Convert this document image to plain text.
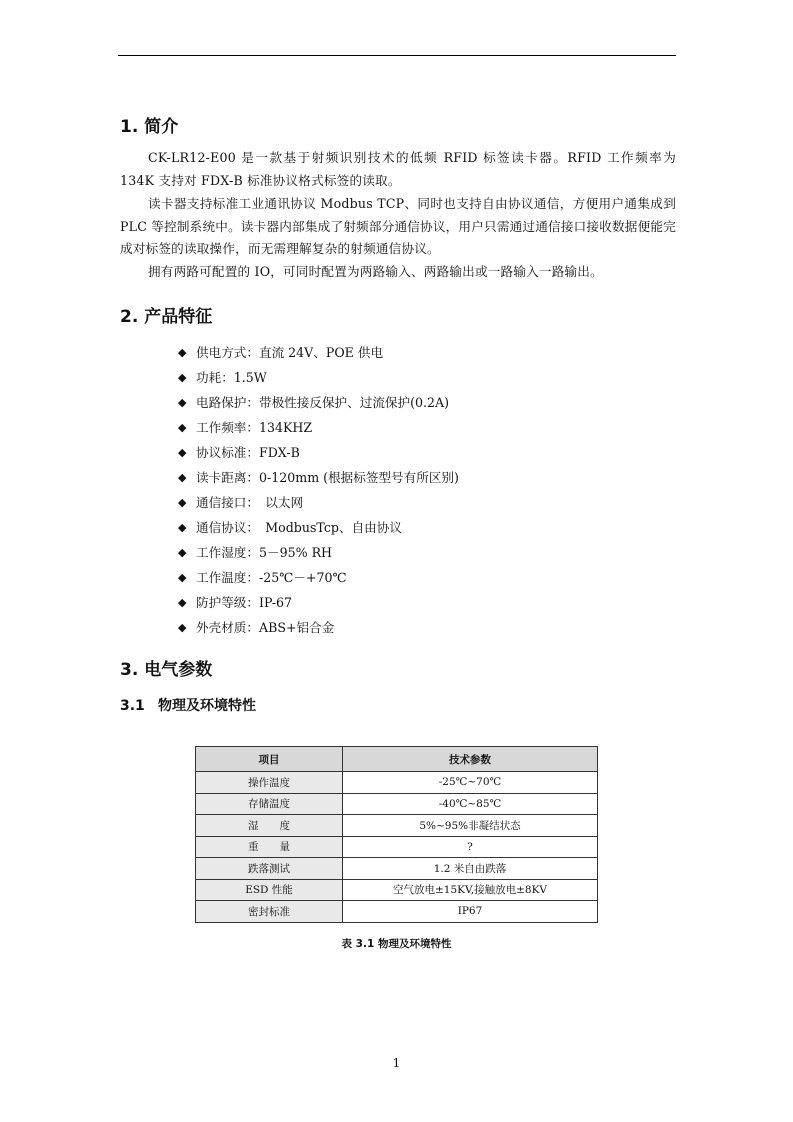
1. 简介

CK-LR12-E00 是一款基于射频识别技术的低频 RFID 标签读卡器。RFID 工作频率为 134K 支持对 FDX-B 标准协议格式标签的读取。

读卡器支持标准工业通讯协议 Modbus TCP、同时也支持自由协议通信，方便用户通集成到 PLC 等控制系统中。读卡器内部集成了射频部分通信协议，用户只需通过通信接口接收数据便能完成对标签的读取操作，而无需理解复杂的射频通信协议。

拥有两路可配置的 IO，可同时配置为两路输入、两路输出或一路输入一路输出。

2. 产品特征
◆ 供电方式：直流 24V、POE 供电
◆ 功耗：1.5W
◆ 电路保护：带极性接反保护、过流保护(0.2A)
◆ 工作频率：134KHZ
◆ 协议标准：FDX-B
◆ 读卡距离：0-120mm (根据标签型号有所区别)
◆ 通信接口：　以太网
◆ 通信协议：　ModbusTcp、自由协议
◆ 工作湿度：5－95% RH
◆ 工作温度：-25℃－+70℃
◆ 防护等级：IP-67
◆ 外壳材质：ABS+铝合金
3. 电气参数
3.1 物理及环境特性
项目	技术参数
操作温度	-25℃~70℃
存储温度	-40℃~85℃
湿　　度	5%~95%非凝结状态
重　　量	?
跌落测试	1.2 米自由跌落
ESD 性能	空气放电±15KV,接触放电±8KV
密封标准	IP67
表 3.1 物理及环境特性
1
